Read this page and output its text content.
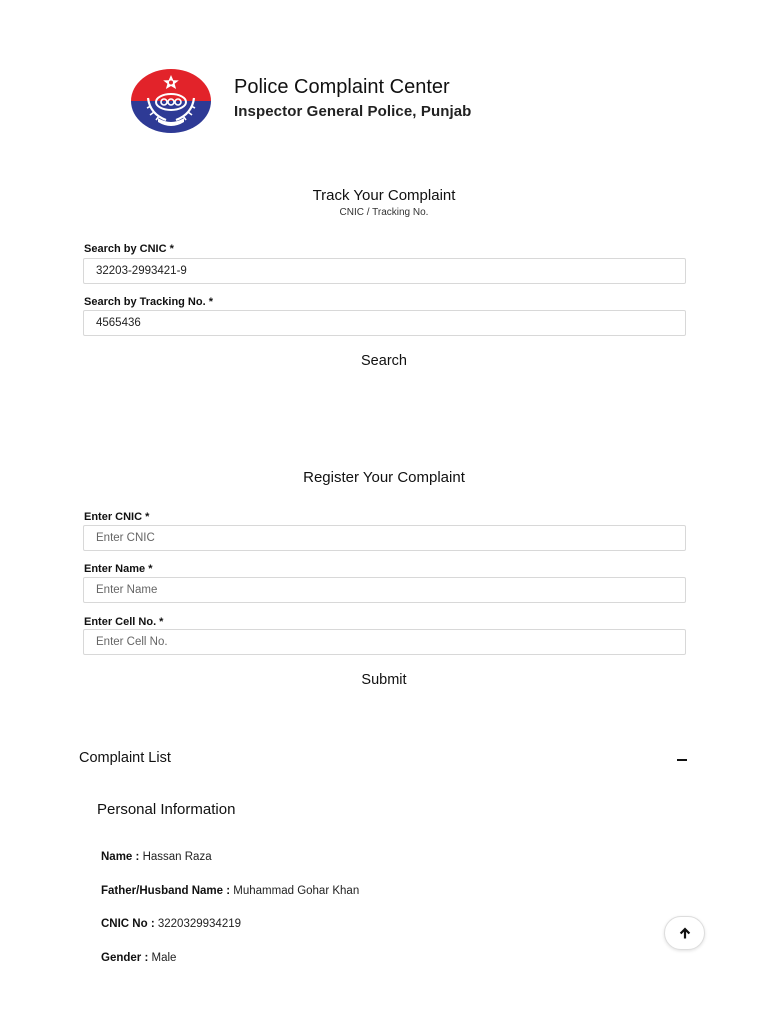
Police Complaint Center
Inspector General Police, Punjab
Track Your Complaint
CNIC / Tracking No.
Search by CNIC *
32203-2993421-9
Search by Tracking No. *
4565436
Search
Register Your Complaint
Enter CNIC *
Enter CNIC
Enter Name *
Enter Name
Enter Cell No. *
Enter Cell No.
Submit
Complaint List
Personal Information
Name : Hassan Raza
Father/Husband Name : Muhammad Gohar Khan
CNIC No : 3220329934219
Gender : Male
